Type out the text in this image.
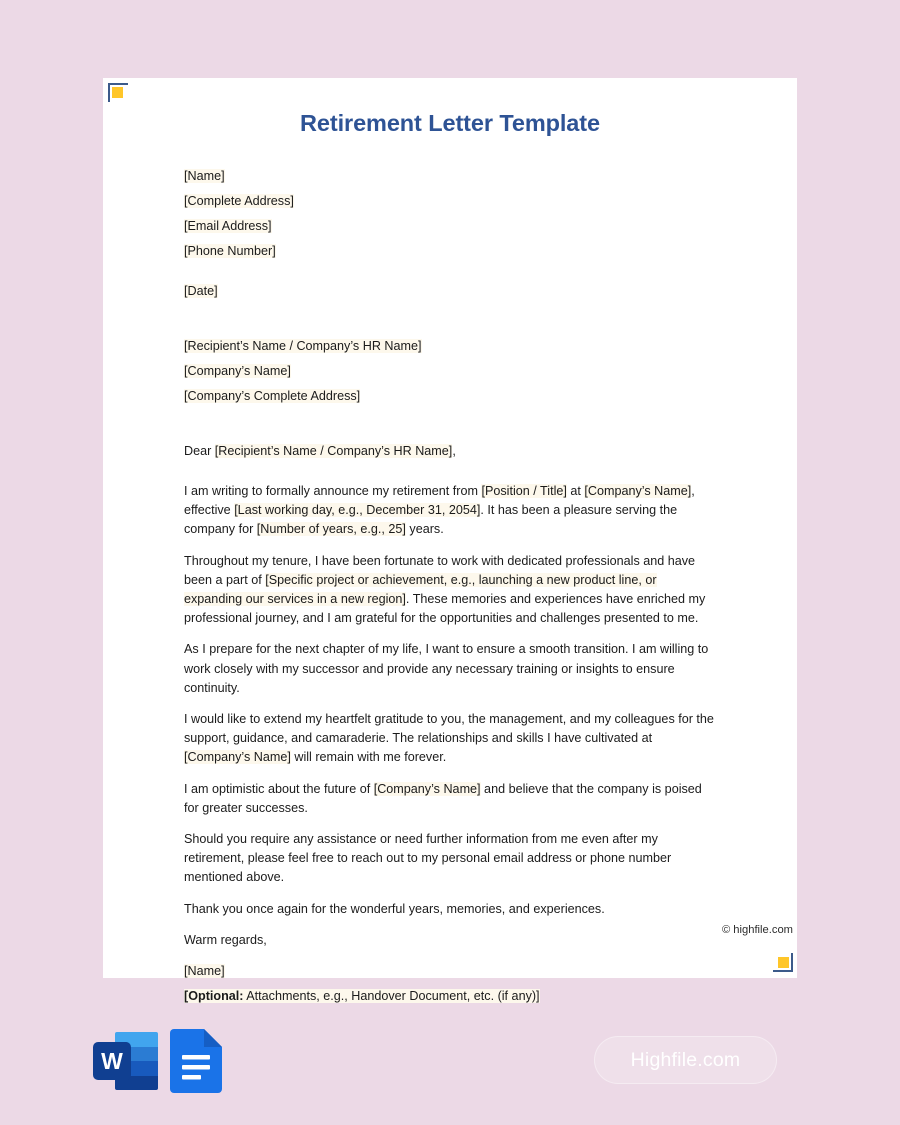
Retirement Letter Template
[Name]
[Complete Address]
[Email Address]
[Phone Number]
[Date]
[Recipient’s Name / Company’s HR Name]
[Company’s Name]
[Company’s Complete Address]
Dear [Recipient’s Name / Company’s HR Name],
I am writing to formally announce my retirement from [Position / Title] at [Company’s Name], effective [Last working day, e.g., December 31, 2054]. It has been a pleasure serving the company for [Number of years, e.g., 25] years.
Throughout my tenure, I have been fortunate to work with dedicated professionals and have been a part of [Specific project or achievement, e.g., launching a new product line, or expanding our services in a new region]. These memories and experiences have enriched my professional journey, and I am grateful for the opportunities and challenges presented to me.
As I prepare for the next chapter of my life, I want to ensure a smooth transition. I am willing to work closely with my successor and provide any necessary training or insights to ensure continuity.
I would like to extend my heartfelt gratitude to you, the management, and my colleagues for the support, guidance, and camaraderie. The relationships and skills I have cultivated at [Company’s Name] will remain with me forever.
I am optimistic about the future of [Company’s Name] and believe that the company is poised for greater successes.
Should you require any assistance or need further information from me even after my retirement, please feel free to reach out to my personal email address or phone number mentioned above.
Thank you once again for the wonderful years, memories, and experiences.
Warm regards,
[Name]
[Optional: Attachments, e.g., Handover Document, etc. (if any)]
© highfile.com
W	Highfile.com
